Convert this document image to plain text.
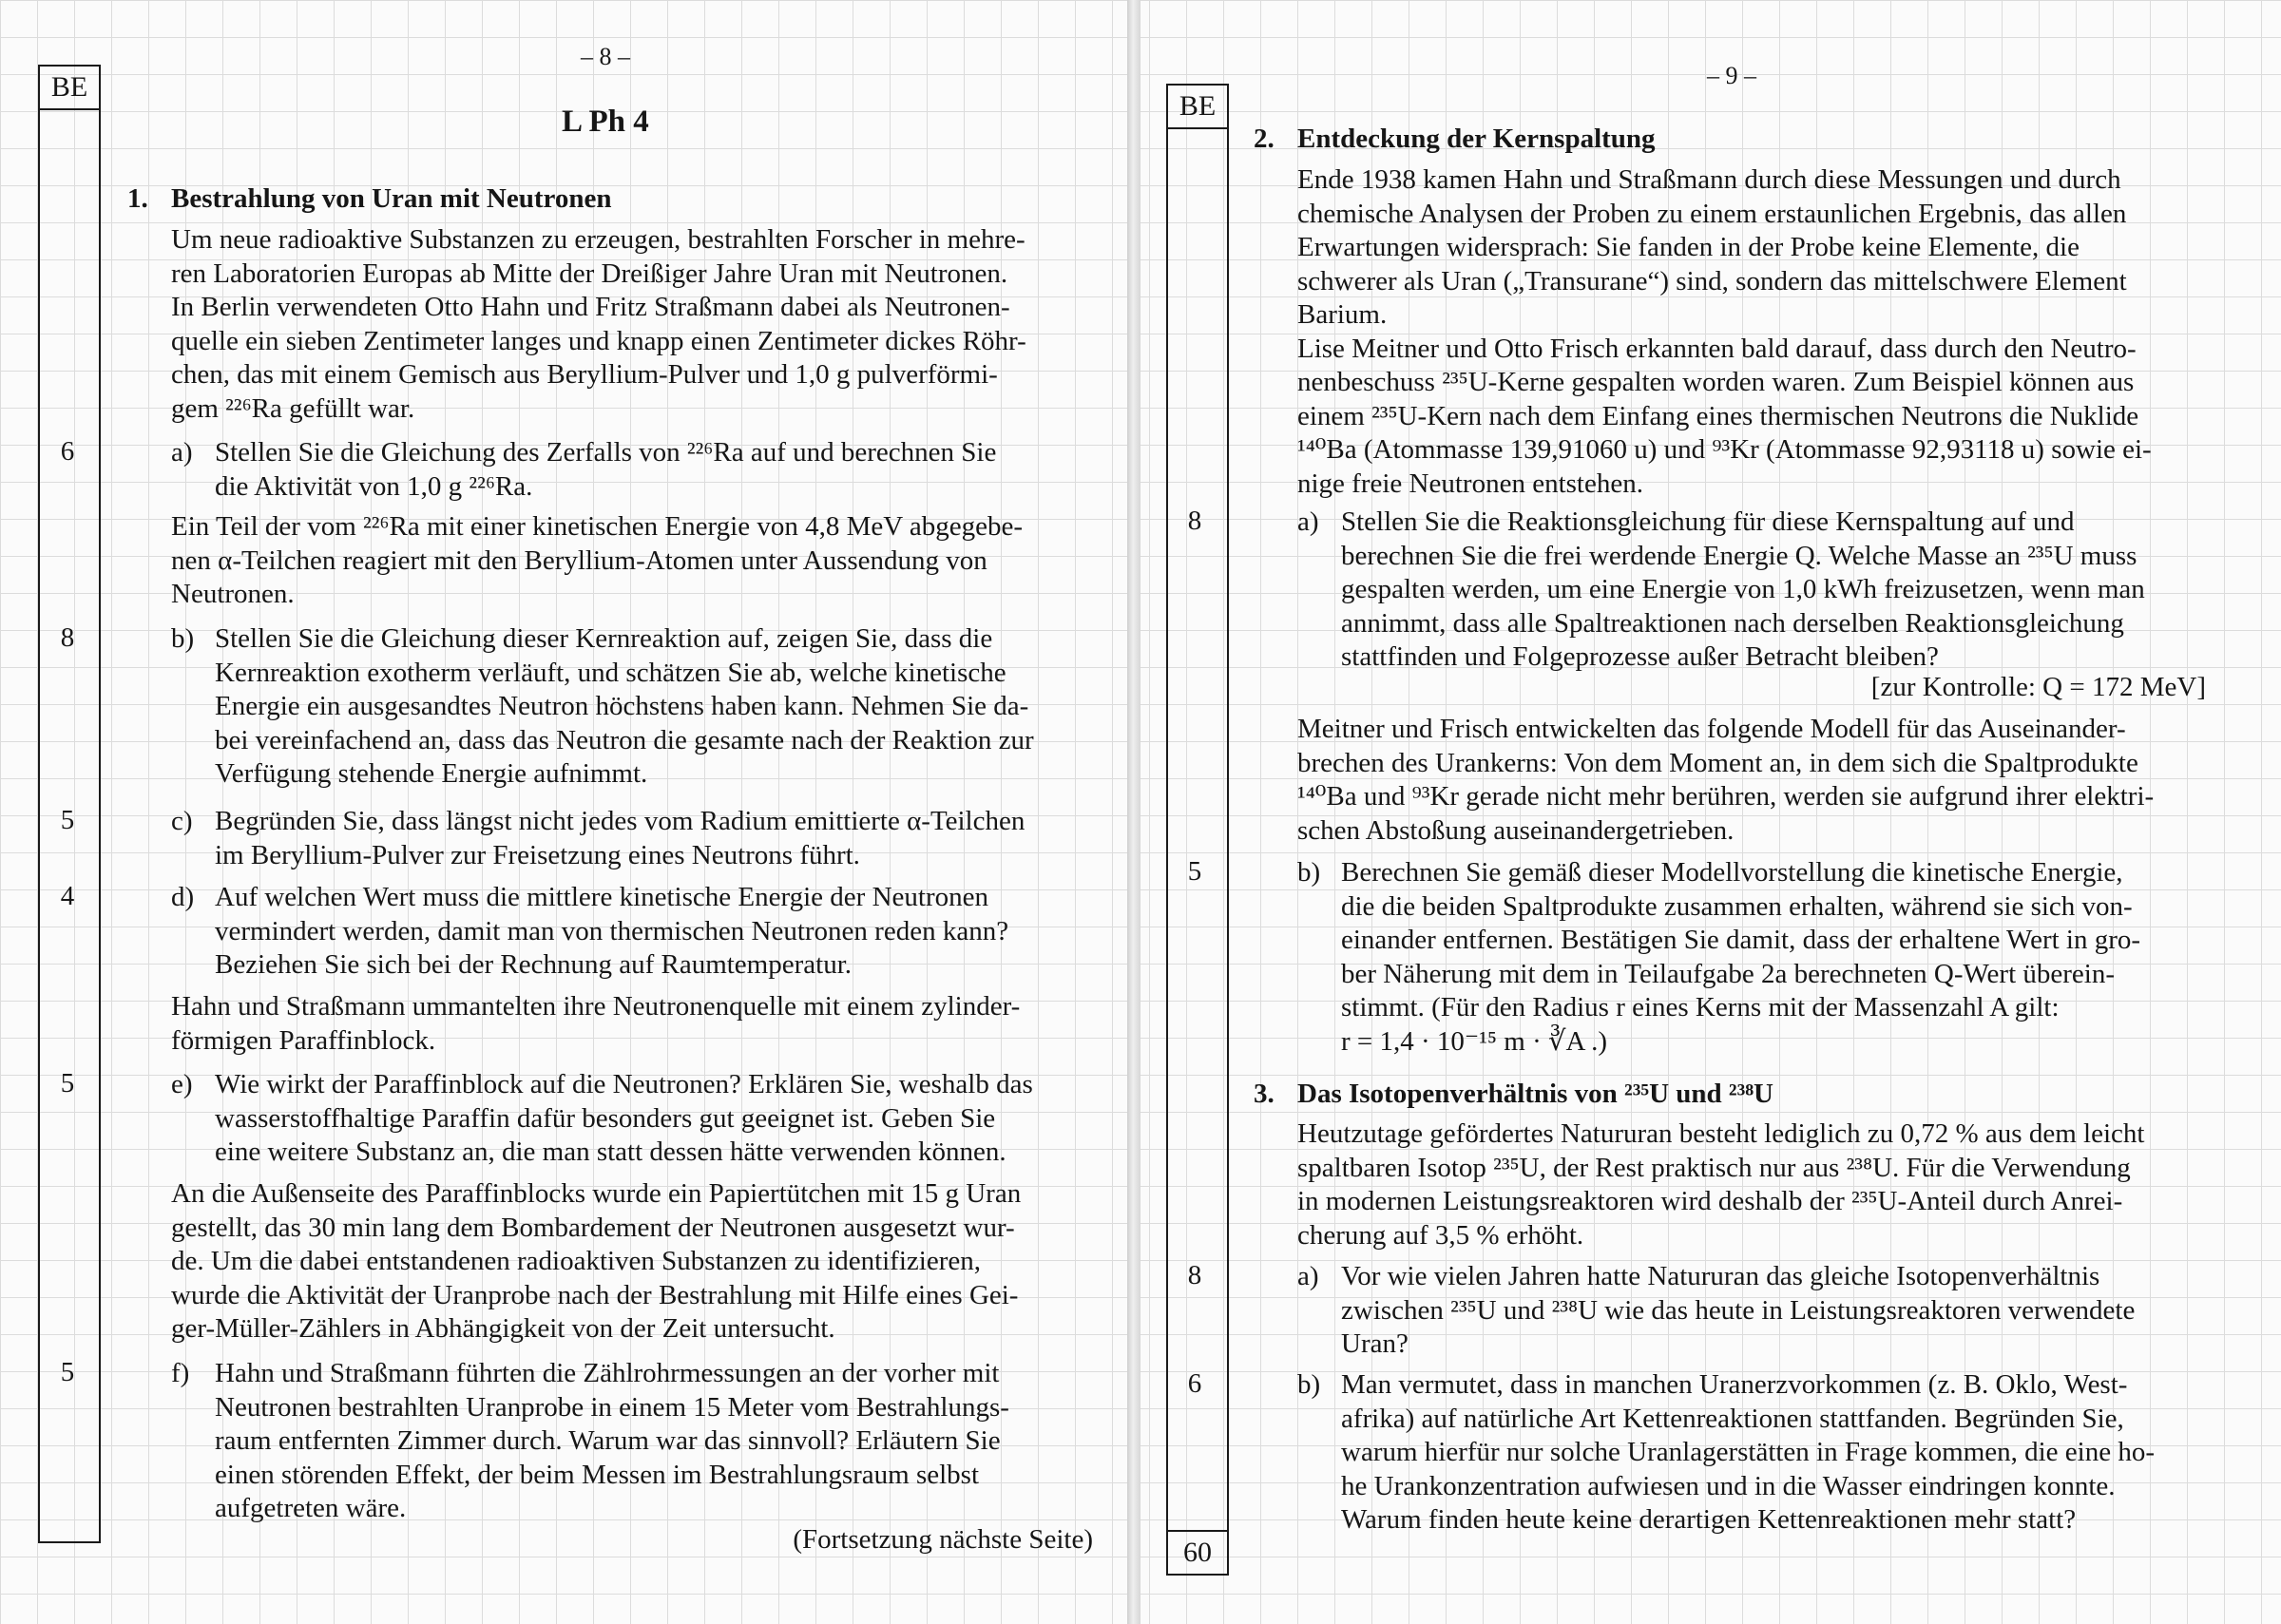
– 8 –
BE
6
8
5
4
5
5
L Ph 4
1. Bestrahlung von Uran mit Neutronen
Um neue radioaktive Substanzen zu erzeugen, bestrahlten Forscher in mehre-
ren Laboratorien Europas ab Mitte der Dreißiger Jahre Uran mit Neutronen.
In Berlin verwendeten Otto Hahn und Fritz Straßmann dabei als Neutronen-
quelle ein sieben Zentimeter langes und knapp einen Zentimeter dickes Röhr-
chen, das mit einem Gemisch aus Beryllium-Pulver und 1,0 g pulverförmi-
gem ²²⁶Ra gefüllt war.
a) Stellen Sie die Gleichung des Zerfalls von ²²⁶Ra auf und berechnen Sie
die Aktivität von 1,0 g ²²⁶Ra.
Ein Teil der vom ²²⁶Ra mit einer kinetischen Energie von 4,8 MeV abgegebe-
nen α-Teilchen reagiert mit den Beryllium-Atomen unter Aussendung von
Neutronen.
b) Stellen Sie die Gleichung dieser Kernreaktion auf, zeigen Sie, dass die
Kernreaktion exotherm verläuft, und schätzen Sie ab, welche kinetische
Energie ein ausgesandtes Neutron höchstens haben kann. Nehmen Sie da-
bei vereinfachend an, dass das Neutron die gesamte nach der Reaktion zur
Verfügung stehende Energie aufnimmt.
c) Begründen Sie, dass längst nicht jedes vom Radium emittierte α-Teilchen
im Beryllium-Pulver zur Freisetzung eines Neutrons führt.
d) Auf welchen Wert muss die mittlere kinetische Energie der Neutronen
vermindert werden, damit man von thermischen Neutronen reden kann?
Beziehen Sie sich bei der Rechnung auf Raumtemperatur.
Hahn und Straßmann ummantelten ihre Neutronenquelle mit einem zylinder-
förmigen Paraffinblock.
e) Wie wirkt der Paraffinblock auf die Neutronen? Erklären Sie, weshalb das
wasserstoffhaltige Paraffin dafür besonders gut geeignet ist. Geben Sie
eine weitere Substanz an, die man statt dessen hätte verwenden können.
An die Außenseite des Paraffinblocks wurde ein Papiertütchen mit 15 g Uran
gestellt, das 30 min lang dem Bombardement der Neutronen ausgesetzt wur-
de. Um die dabei entstandenen radioaktiven Substanzen zu identifizieren,
wurde die Aktivität der Uranprobe nach der Bestrahlung mit Hilfe eines Gei-
ger-Müller-Zählers in Abhängigkeit von der Zeit untersucht.
f) Hahn und Straßmann führten die Zählrohrmessungen an der vorher mit
Neutronen bestrahlten Uranprobe in einem 15 Meter vom Bestrahlungs-
raum entfernten Zimmer durch. Warum war das sinnvoll? Erläutern Sie
einen störenden Effekt, der beim Messen im Bestrahlungsraum selbst
aufgetreten wäre.
(Fortsetzung nächste Seite)
– 9 –
BE
60
8
5
8
6
2. Entdeckung der Kernspaltung
Ende 1938 kamen Hahn und Straßmann durch diese Messungen und durch
chemische Analysen der Proben zu einem erstaunlichen Ergebnis, das allen
Erwartungen widersprach: Sie fanden in der Probe keine Elemente, die
schwerer als Uran („Transurane“) sind, sondern das mittelschwere Element
Barium.
Lise Meitner und Otto Frisch erkannten bald darauf, dass durch den Neutro-
nenbeschuss ²³⁵U-Kerne gespalten worden waren. Zum Beispiel können aus
einem ²³⁵U-Kern nach dem Einfang eines thermischen Neutrons die Nuklide
¹⁴⁰Ba (Atommasse 139,91060 u) und ⁹³Kr (Atommasse 92,93118 u) sowie ei-
nige freie Neutronen entstehen.
a) Stellen Sie die Reaktionsgleichung für diese Kernspaltung auf und
berechnen Sie die frei werdende Energie Q. Welche Masse an ²³⁵U muss
gespalten werden, um eine Energie von 1,0 kWh freizusetzen, wenn man
annimmt, dass alle Spaltreaktionen nach derselben Reaktionsgleichung
stattfinden und Folgeprozesse außer Betracht bleiben?
[zur Kontrolle: Q = 172 MeV]
Meitner und Frisch entwickelten das folgende Modell für das Auseinander-
brechen des Urankerns: Von dem Moment an, in dem sich die Spaltprodukte
¹⁴⁰Ba und ⁹³Kr gerade nicht mehr berühren, werden sie aufgrund ihrer elektri-
schen Abstoßung auseinandergetrieben.
b) Berechnen Sie gemäß dieser Modellvorstellung die kinetische Energie,
die die beiden Spaltprodukte zusammen erhalten, während sie sich von-
einander entfernen. Bestätigen Sie damit, dass der erhaltene Wert in gro-
ber Näherung mit dem in Teilaufgabe 2a berechneten Q-Wert überein-
stimmt. (Für den Radius r eines Kerns mit der Massenzahl A gilt:
r = 1,4 · 10⁻¹⁵ m · ∛A .)
3. Das Isotopenverhältnis von ²³⁵U und ²³⁸U
Heutzutage gefördertes Natururan besteht lediglich zu 0,72 % aus dem leicht
spaltbaren Isotop ²³⁵U, der Rest praktisch nur aus ²³⁸U. Für die Verwendung
in modernen Leistungsreaktoren wird deshalb der ²³⁵U-Anteil durch Anrei-
cherung auf 3,5 % erhöht.
a) Vor wie vielen Jahren hatte Natururan das gleiche Isotopenverhältnis
zwischen ²³⁵U und ²³⁸U wie das heute in Leistungsreaktoren verwendete
Uran?
b) Man vermutet, dass in manchen Uranerzvorkommen (z. B. Oklo, West-
afrika) auf natürliche Art Kettenreaktionen stattfanden. Begründen Sie,
warum hierfür nur solche Uranlagerstätten in Frage kommen, die eine ho-
he Urankonzentration aufwiesen und in die Wasser eindringen konnte.
Warum finden heute keine derartigen Kettenreaktionen mehr statt?
